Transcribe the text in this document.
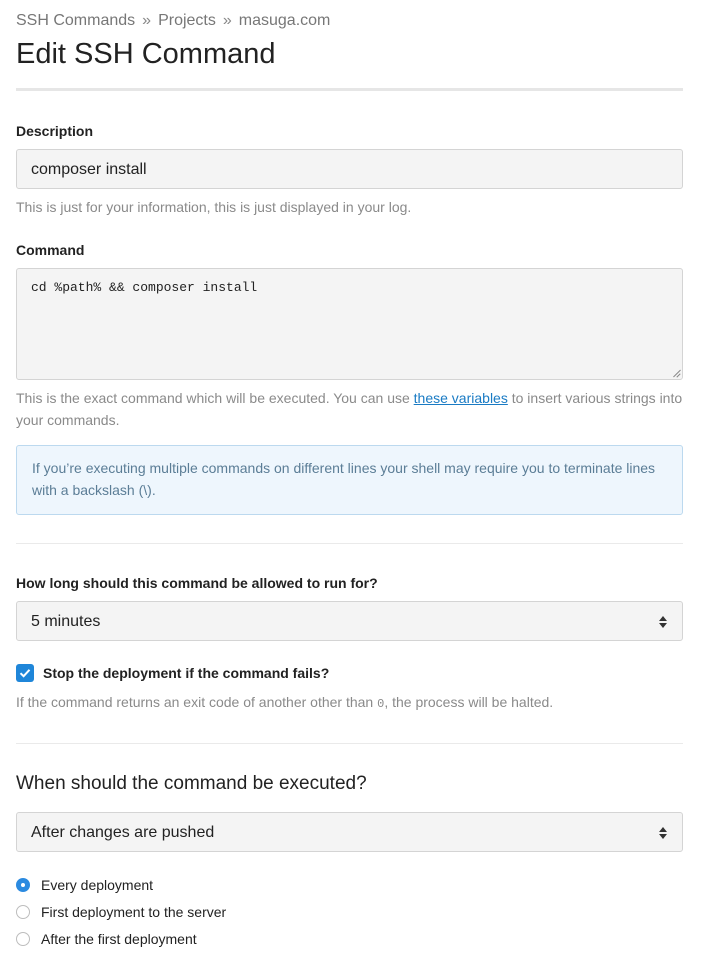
SSH Commands » Projects » masuga.com
Edit SSH Command
Description
composer install
This is just for your information, this is just displayed in your log.
Command
cd %path% && composer install
This is the exact command which will be executed. You can use these variables to insert various strings into your commands.

If you’re executing multiple commands on different lines your shell may require you to terminate lines with a backslash (\).

How long should this command be allowed to run for?
5 minutes
Stop the deployment if the command fails?
If the command returns an exit code of another other than 0, the process will be halted.
When should the command be executed?
After changes are pushed
Every deployment
First deployment to the server
After the first deployment
